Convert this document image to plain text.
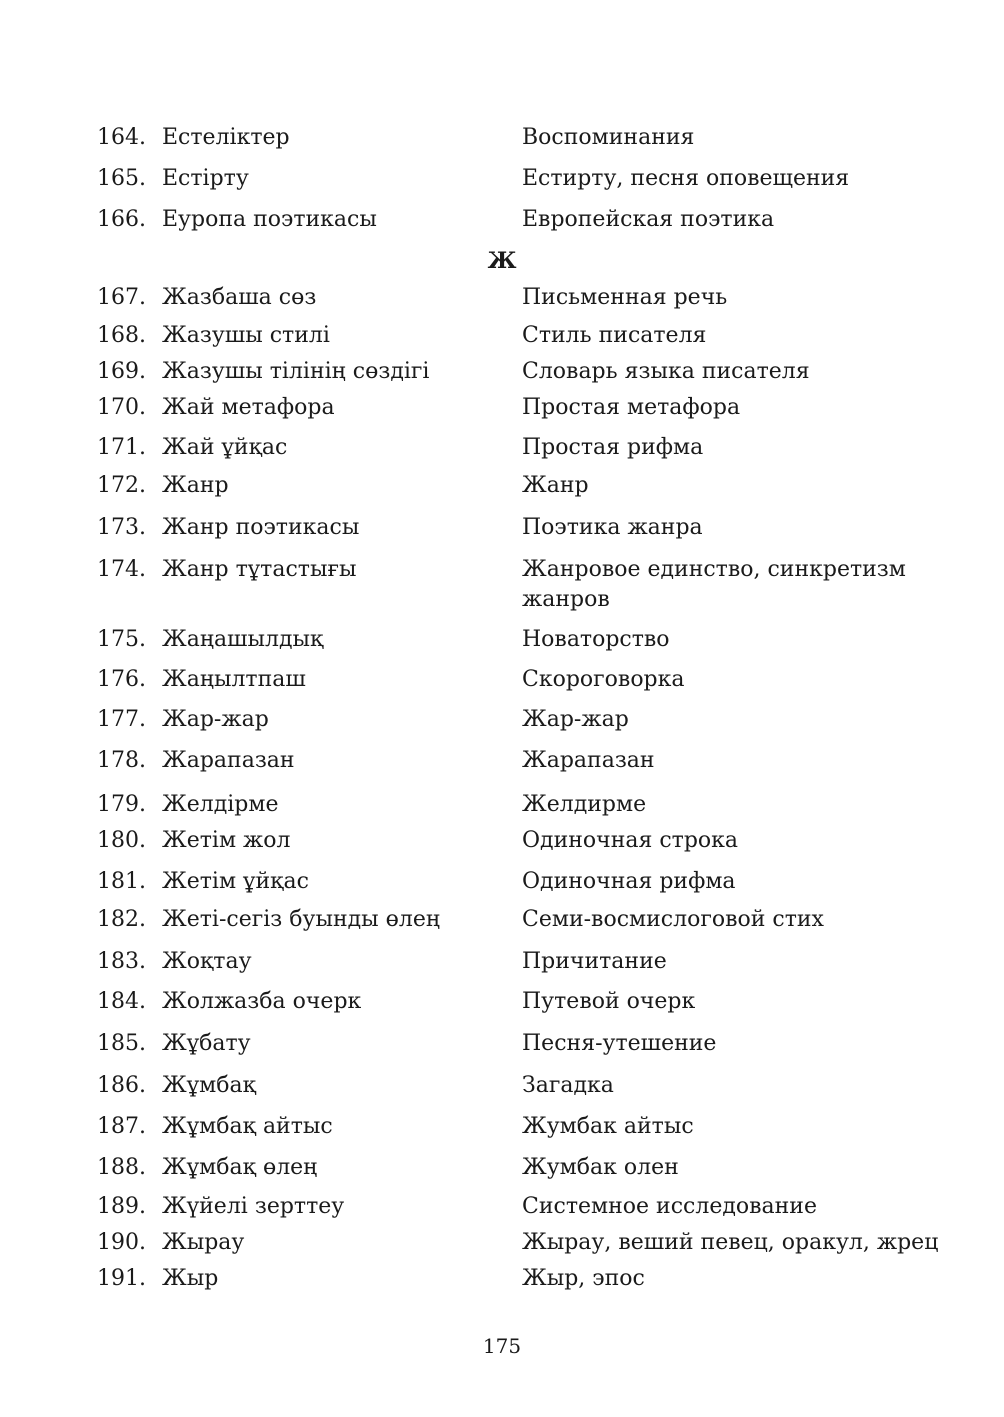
164. Естеліктер	Воспоминания
165. Естірту	Естирту, песня оповещения
166. Еуропа поэтикасы	Европейская поэтика
Ж
167. Жазбаша сөз	Письменная речь
168. Жазушы стилі	Стиль писателя
169. Жазушы тілінің сөздігі	Словарь языка писателя
170. Жай метафора	Простая метафора
171. Жай ұйқас	Простая рифма
172. Жанр	Жанр
173. Жанр поэтикасы	Поэтика жанра
174. Жанр тұтастығы	Жанровое единство, синкретизм жанров
175. Жаңашылдық	Новаторство
176. Жаңылтпаш	Скороговорка
177. Жар-жар	Жар-жар
178. Жарапазан	Жарапазан
179. Желдірме	Желдирме
180. Жетім жол	Одиночная строка
181. Жетім ұйқас	Одиночная рифма
182. Жеті-сегіз буынды өлең	Семи-восмислоговой стих
183. Жоқтау	Причитание
184. Жолжазба очерк	Путевой очерк
185. Жұбату	Песня-утешение
186. Жұмбақ	Загадка
187. Жұмбақ айтыс	Жумбак айтыс
188. Жұмбақ өлең	Жумбак олен
189. Жүйелі зерттеу	Системное исследование
190. Жырау	Жырау, веший певец, оракул, жрец
191. Жыр	Жыр, эпос
175
